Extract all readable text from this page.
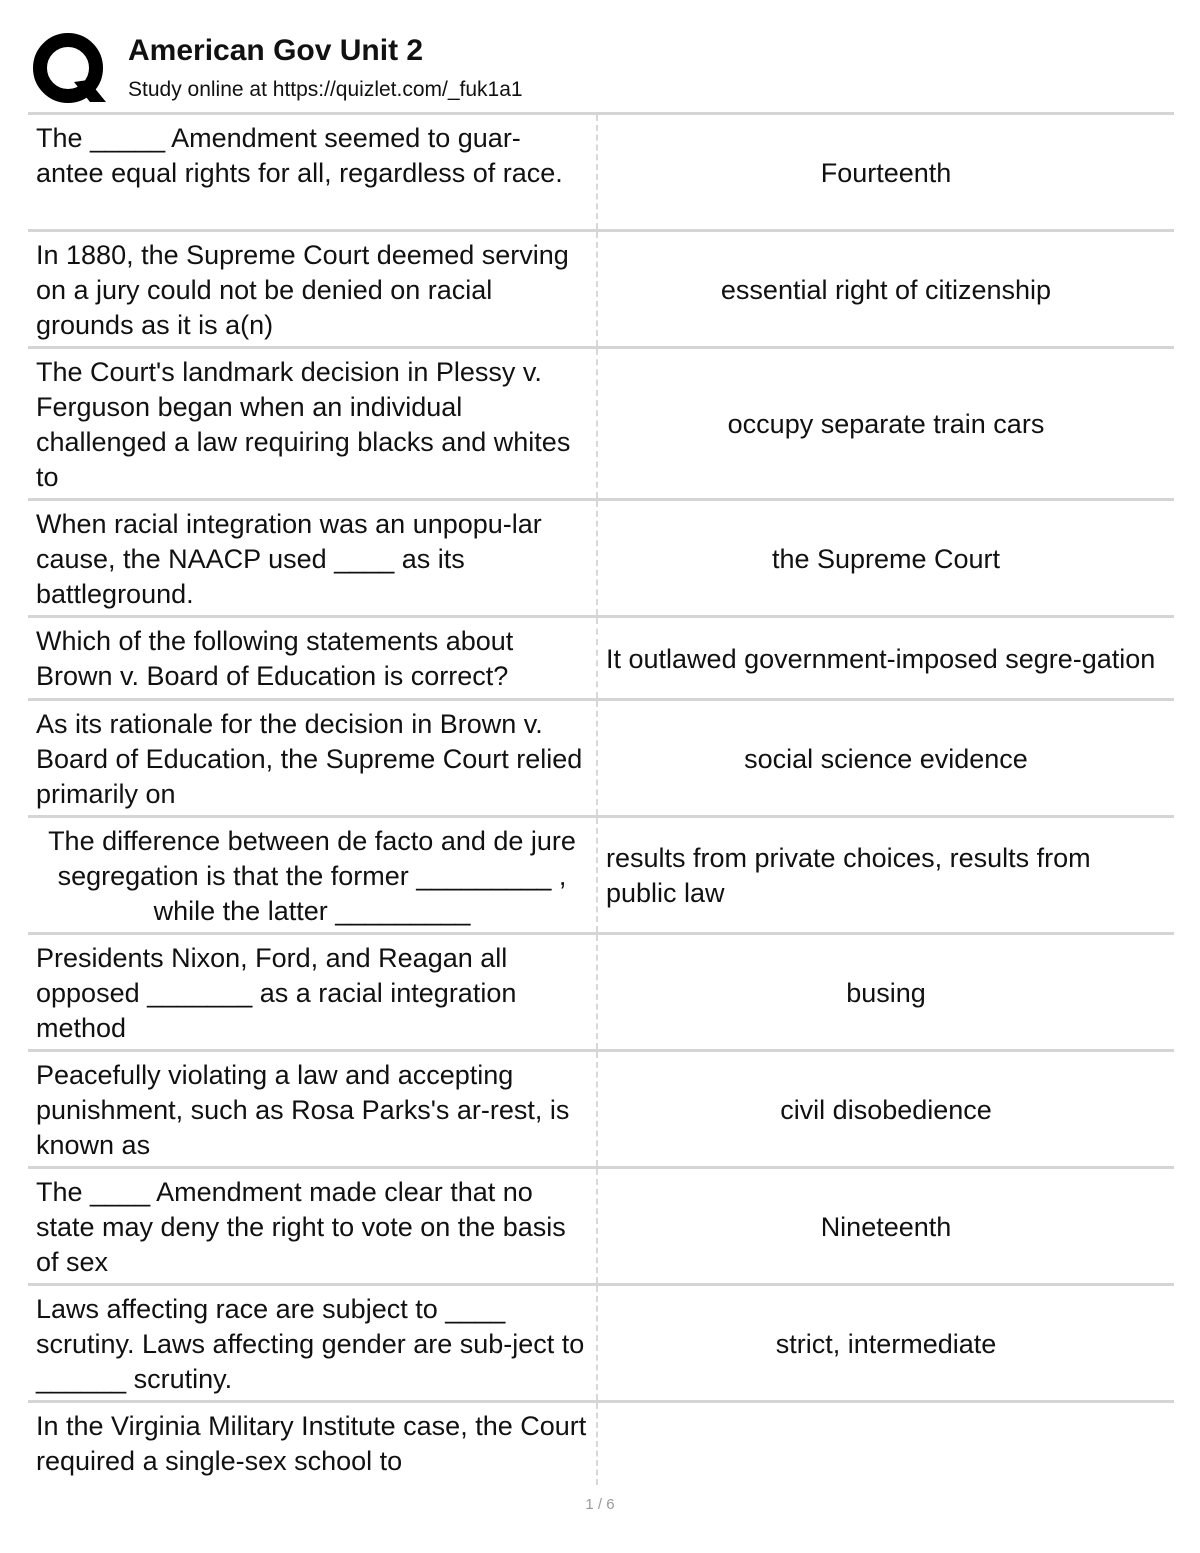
American Gov Unit 2
Study online at https://quizlet.com/_fuk1a1
The _____ Amendment seemed to guar-antee equal rights for all, regardless of race.	Fourteenth
In 1880, the Supreme Court deemed serving on a jury could not be denied on racial grounds as it is a(n)
essential right of citizenship
The Court's landmark decision in Plessy v. Ferguson began when an individual challenged a law requiring blacks and whites to
occupy separate train cars
When racial integration was an unpopu-lar cause, the NAACP used ____ as its battleground.
the Supreme Court
Which of the following statements about Brown v. Board of Education is correct?
It outlawed government-imposed segre-gation
As its rationale for the decision in Brown v. Board of Education, the Supreme Court relied primarily on
social science evidence
The difference between de facto and de jure segregation is that the former _________ , while the latter _________
results from private choices, results from public law
Presidents Nixon, Ford, and Reagan all opposed _______ as a racial integration method
busing
Peacefully violating a law and accepting punishment, such as Rosa Parks's ar-rest, is known as
civil disobedience
The ____ Amendment made clear that no state may deny the right to vote on the basis of sex
Nineteenth
Laws affecting race are subject to ____ scrutiny. Laws affecting gender are sub-ject to ______ scrutiny.
strict, intermediate
In the Virginia Military Institute case, the Court required a single-sex school to
1 / 6
